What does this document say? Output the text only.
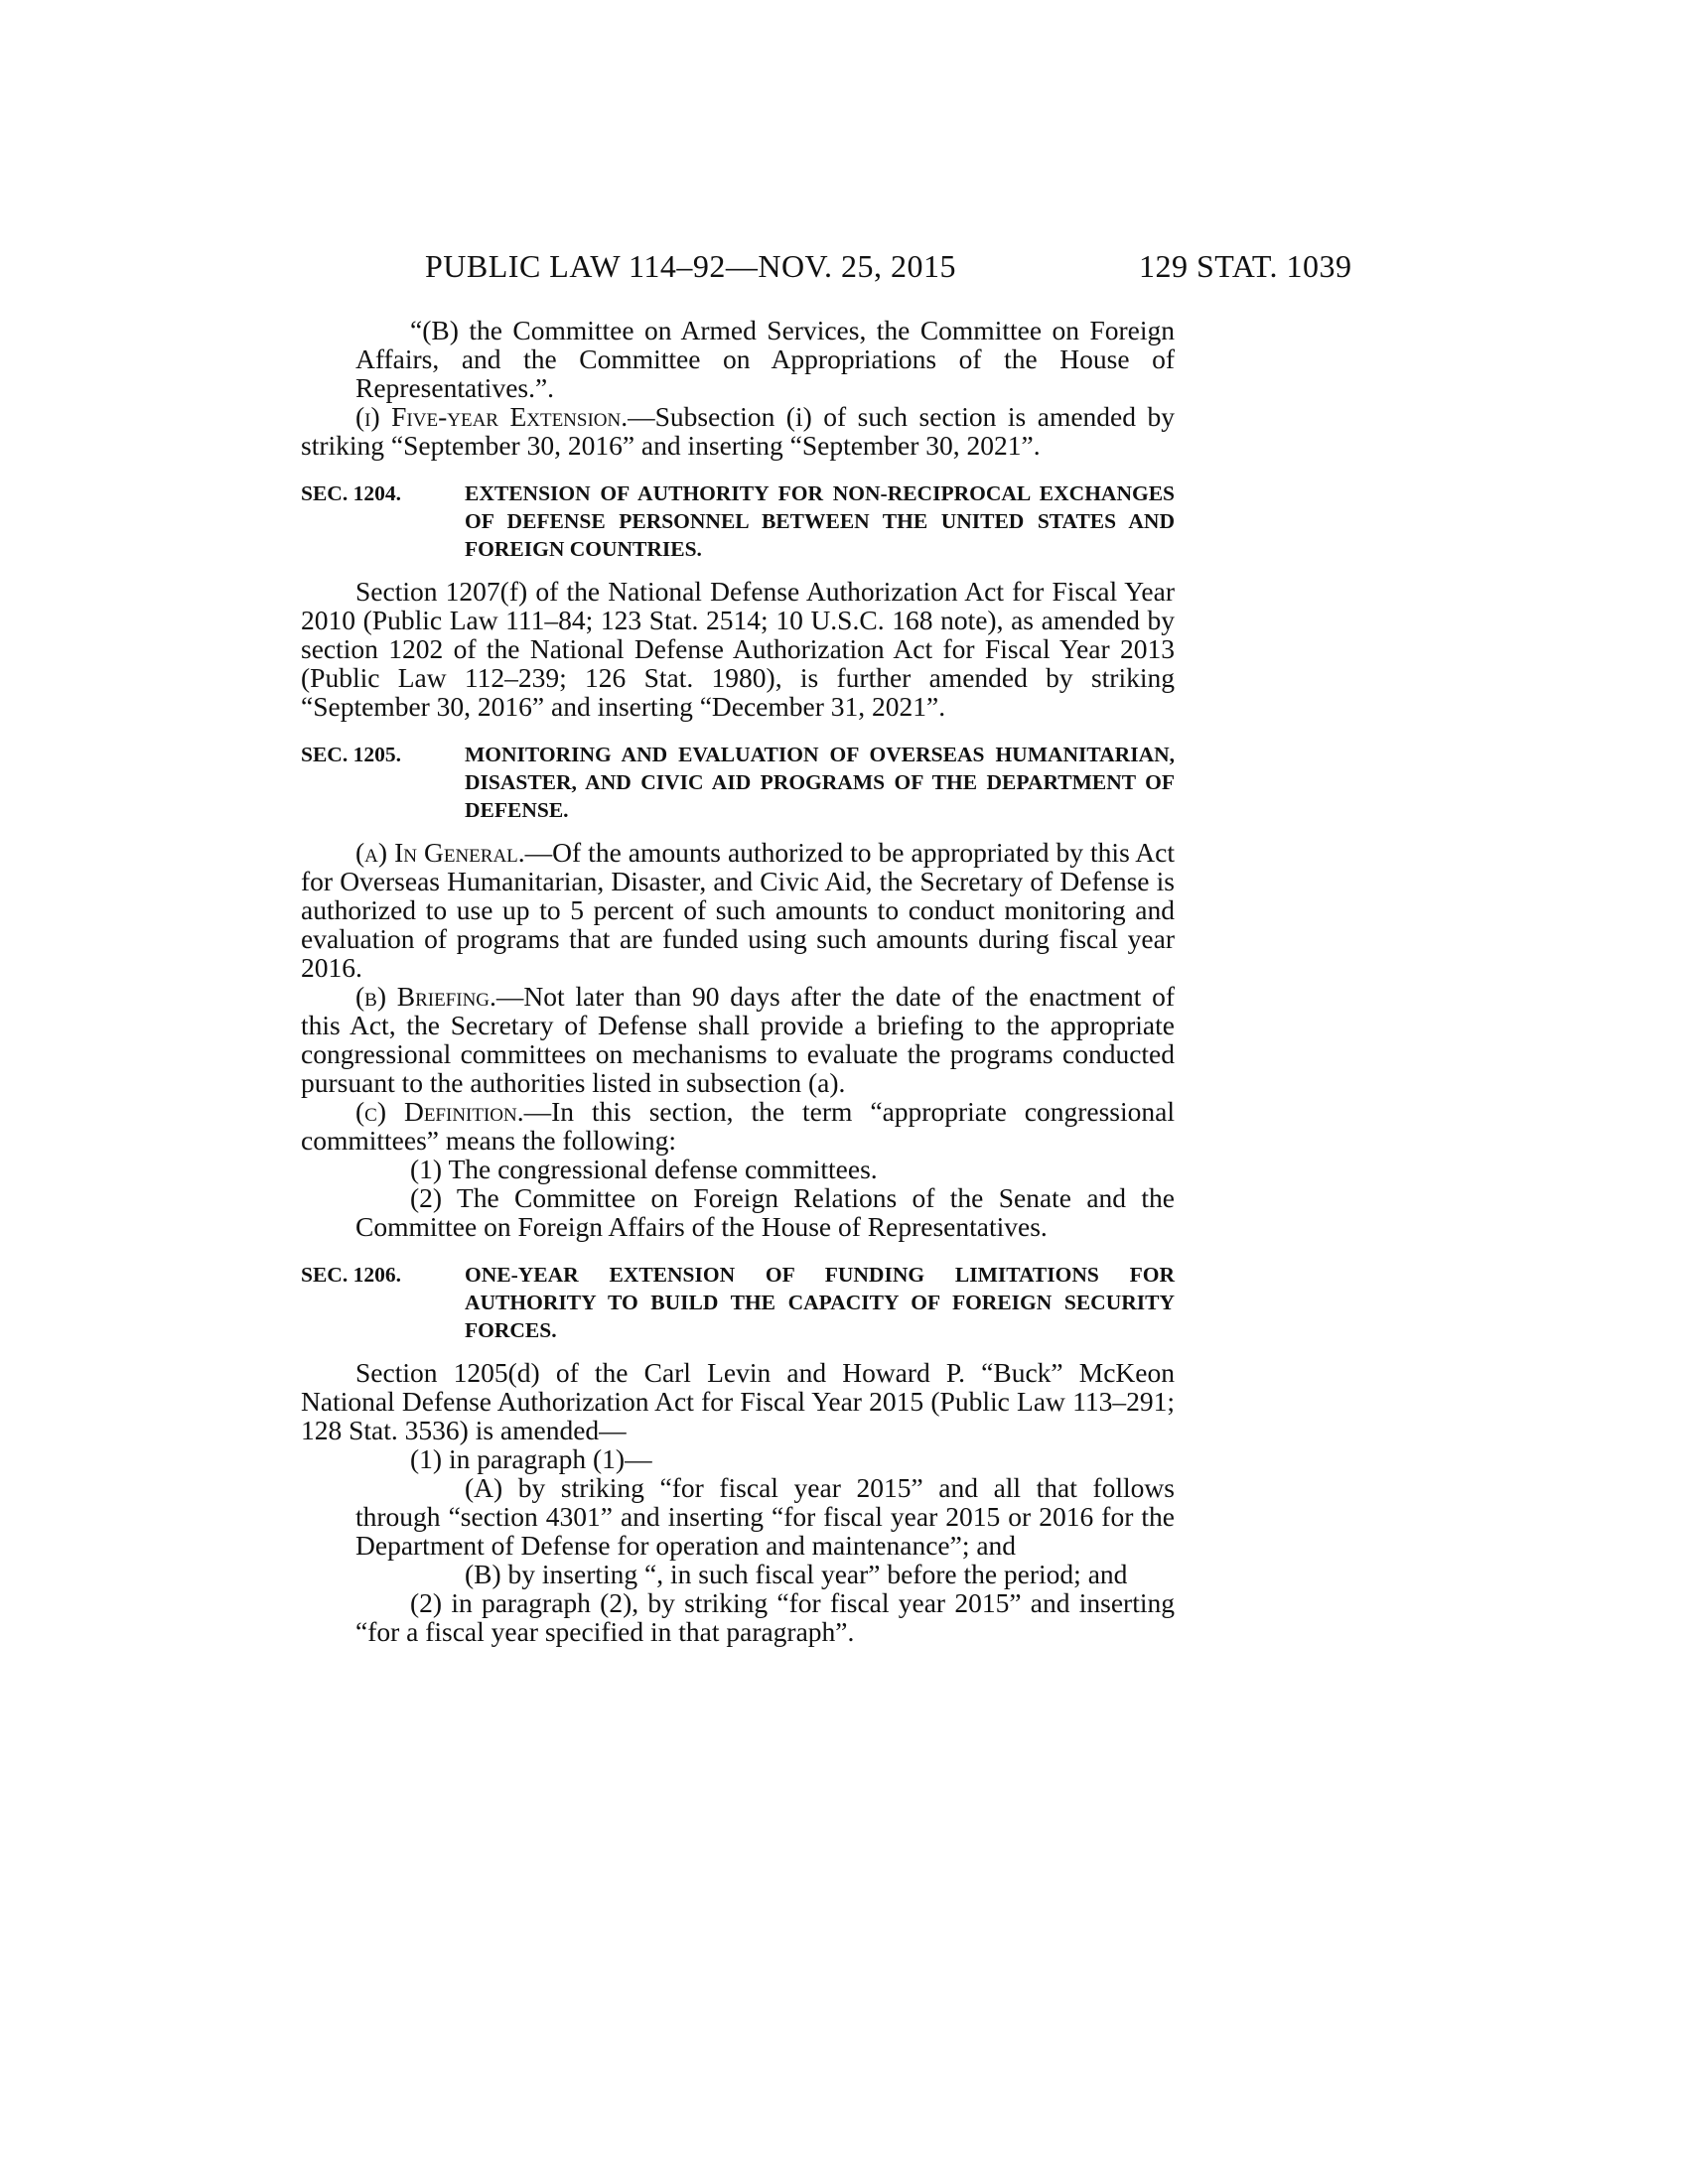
PUBLIC LAW 114–92—NOV. 25, 2015	129 STAT. 1039

“(B) the Committee on Armed Services, the Committee on Foreign Affairs, and the Committee on Appropriations of the House of Representatives.”.

(i) Five-year Extension.—Subsection (i) of such section is amended by striking “September 30, 2016” and inserting “September 30, 2021”.

SEC. 1204.	EXTENSION OF AUTHORITY FOR NON-RECIPROCAL EXCHANGES OF DEFENSE PERSONNEL BETWEEN THE UNITED STATES AND FOREIGN COUNTRIES.

Section 1207(f) of the National Defense Authorization Act for Fiscal Year 2010 (Public Law 111–84; 123 Stat. 2514; 10 U.S.C. 168 note), as amended by section 1202 of the National Defense Authorization Act for Fiscal Year 2013 (Public Law 112–239; 126 Stat. 1980), is further amended by striking “September 30, 2016” and inserting “December 31, 2021”.

SEC. 1205.	MONITORING AND EVALUATION OF OVERSEAS HUMANITARIAN, DISASTER, AND CIVIC AID PROGRAMS OF THE DEPARTMENT OF DEFENSE.

(a) In General.—Of the amounts authorized to be appropriated by this Act for Overseas Humanitarian, Disaster, and Civic Aid, the Secretary of Defense is authorized to use up to 5 percent of such amounts to conduct monitoring and evaluation of programs that are funded using such amounts during fiscal year 2016.

(b) Briefing.—Not later than 90 days after the date of the enactment of this Act, the Secretary of Defense shall provide a briefing to the appropriate congressional committees on mechanisms to evaluate the programs conducted pursuant to the authorities listed in subsection (a).

(c) Definition.—In this section, the term “appropriate congressional committees” means the following:

(1) The congressional defense committees.

(2) The Committee on Foreign Relations of the Senate and the Committee on Foreign Affairs of the House of Representatives.

SEC. 1206.	ONE-YEAR EXTENSION OF FUNDING LIMITATIONS FOR AUTHORITY TO BUILD THE CAPACITY OF FOREIGN SECURITY FORCES.

Section 1205(d) of the Carl Levin and Howard P. “Buck” McKeon National Defense Authorization Act for Fiscal Year 2015 (Public Law 113–291; 128 Stat. 3536) is amended—

(1) in paragraph (1)—

(A) by striking “for fiscal year 2015” and all that follows through “section 4301” and inserting “for fiscal year 2015 or 2016 for the Department of Defense for operation and maintenance”; and

(B) by inserting “, in such fiscal year” before the period; and

(2) in paragraph (2), by striking “for fiscal year 2015” and inserting “for a fiscal year specified in that paragraph”.
